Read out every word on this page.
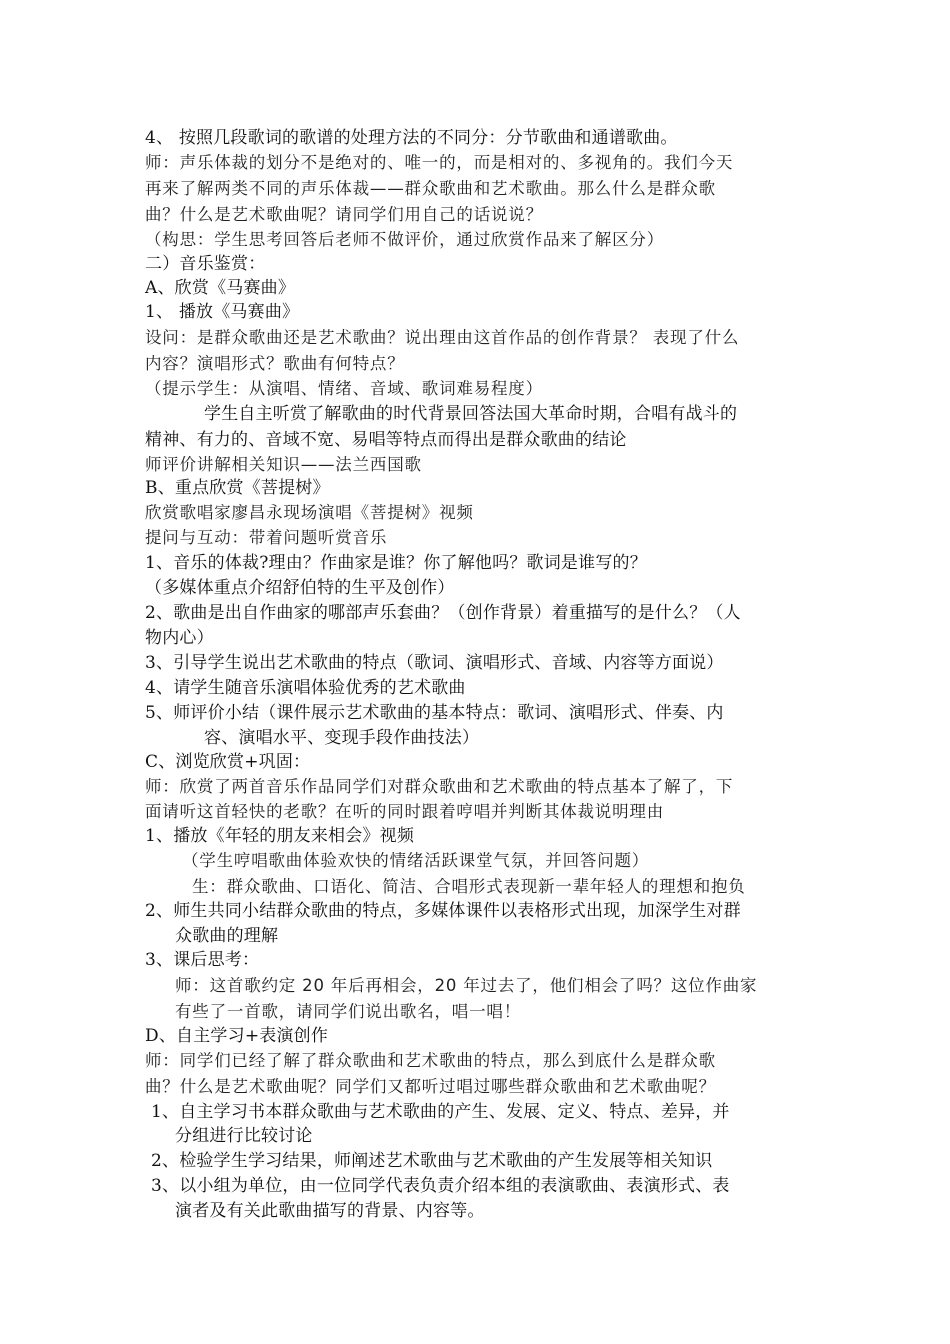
4、 按照几段歌词的歌谱的处理方法的不同分：分节歌曲和通谱歌曲。
师：声乐体裁的划分不是绝对的、唯一的，而是相对的、多视角的。我们今天
再来了解两类不同的声乐体裁——群众歌曲和艺术歌曲。那么什么是群众歌
曲？什么是艺术歌曲呢？请同学们用自己的话说说？
（构思：学生思考回答后老师不做评价，通过欣赏作品来了解区分）
二）音乐鉴赏：
A、欣赏《马赛曲》
1、 播放《马赛曲》
设问：是群众歌曲还是艺术歌曲？说出理由这首作品的创作背景？ 表现了什么
内容？演唱形式？歌曲有何特点？
（提示学生：从演唱、情绪、音域、歌词难易程度）
学生自主听赏了解歌曲的时代背景回答法国大革命时期，合唱有战斗的
精神、有力的、音域不宽、易唱等特点而得出是群众歌曲的结论
师评价讲解相关知识——法兰西国歌
B、重点欣赏《菩提树》
欣赏歌唱家廖昌永现场演唱《菩提树》视频
提问与互动：带着问题听赏音乐
1、音乐的体裁?理由？作曲家是谁？你了解他吗？歌词是谁写的？
（多媒体重点介绍舒伯特的生平及创作）
2、歌曲是出自作曲家的哪部声乐套曲？（创作背景）着重描写的是什么？（人
物内心）
3、引导学生说出艺术歌曲的特点（歌词、演唱形式、音域、内容等方面说）
4、请学生随音乐演唱体验优秀的艺术歌曲
5、师评价小结（课件展示艺术歌曲的基本特点：歌词、演唱形式、伴奏、内
容、演唱水平、变现手段作曲技法）
C、浏览欣赏+巩固：
师：欣赏了两首音乐作品同学们对群众歌曲和艺术歌曲的特点基本了解了，下
面请听这首轻快的老歌？在听的同时跟着哼唱并判断其体裁说明理由
1、播放《年轻的朋友来相会》视频
（学生哼唱歌曲体验欢快的情绪活跃课堂气氛，并回答问题）
生：群众歌曲、口语化、简洁、合唱形式表现新一辈年轻人的理想和抱负
2、师生共同小结群众歌曲的特点，多媒体课件以表格形式出现，加深学生对群
众歌曲的理解
3、课后思考：
师：这首歌约定 20 年后再相会，20 年过去了，他们相会了吗？这位作曲家
有些了一首歌，请同学们说出歌名，唱一唱！
D、自主学习+表演创作
师：同学们已经了解了群众歌曲和艺术歌曲的特点，那么到底什么是群众歌
曲？什么是艺术歌曲呢？同学们又都听过唱过哪些群众歌曲和艺术歌曲呢？
1、自主学习书本群众歌曲与艺术歌曲的产生、发展、定义、特点、差异，并
分组进行比较讨论
2、检验学生学习结果，师阐述艺术歌曲与艺术歌曲的产生发展等相关知识
3、以小组为单位，由一位同学代表负责介绍本组的表演歌曲、表演形式、表
演者及有关此歌曲描写的背景、内容等。
